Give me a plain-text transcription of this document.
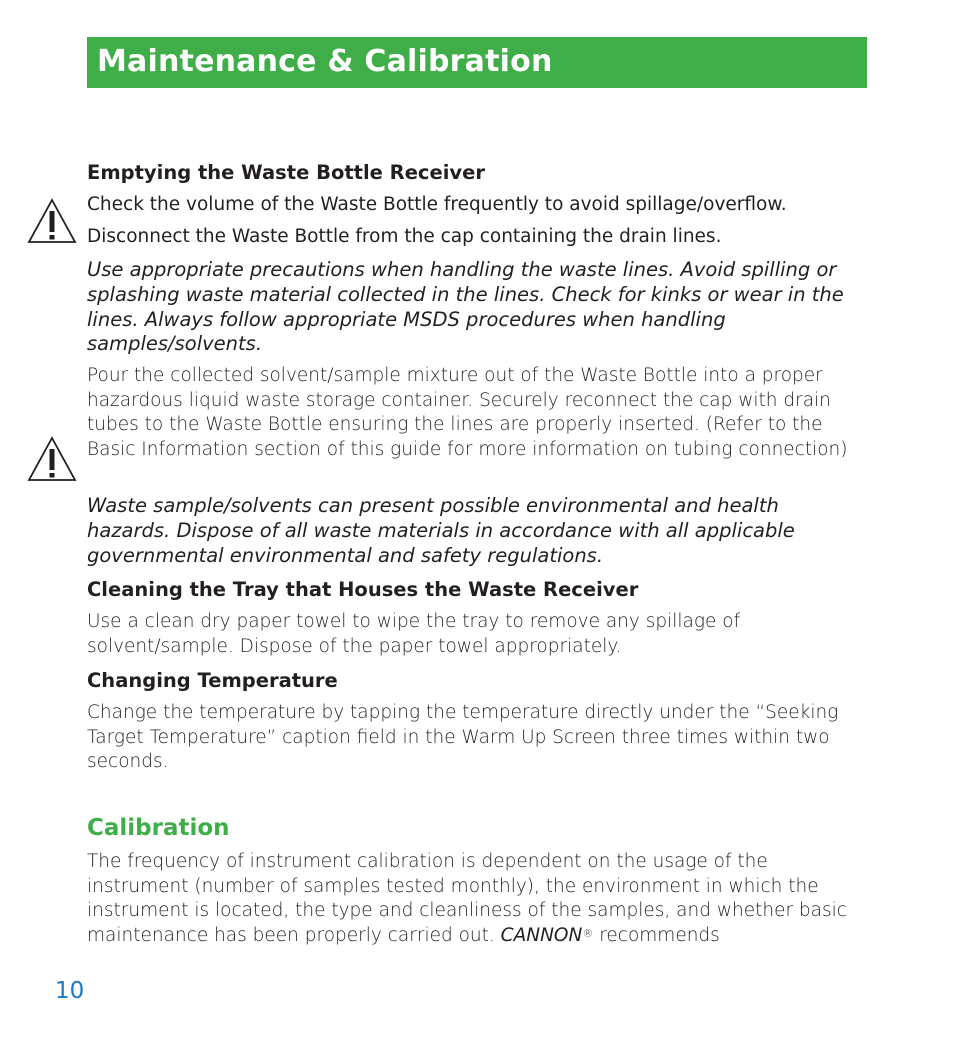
Maintenance & Calibration
Emptying the Waste Bottle Receiver

Check the volume of the Waste Bottle frequently to avoid spillage/overflow.

Disconnect the Waste Bottle from the cap containing the drain lines.

Use appropriate precautions when handling the waste lines. Avoid spilling or splashing waste material collected in the lines. Check for kinks or wear in the lines. Always follow appropriate MSDS procedures when handling samples/solvents.

Pour the collected solvent/sample mixture out of the Waste Bottle into a proper hazardous liquid waste storage container. Securely reconnect the cap with drain tubes to the Waste Bottle ensuring the lines are properly inserted. (Refer to the Basic Information section of this guide for more information on tubing connection)

Waste sample/solvents can present possible environmental and health hazards. Dispose of all waste materials in accordance with all applicable governmental environmental and safety regulations.

Cleaning the Tray that Houses the Waste Receiver

Use a clean dry paper towel to wipe the tray to remove any spillage of solvent/sample. Dispose of the paper towel appropriately.

Changing Temperature

Change the temperature by tapping the temperature directly under the “Seeking Target Temperature” caption field in the Warm Up Screen three times within two seconds.

Calibration

The frequency of instrument calibration is dependent on the usage of the instrument (number of samples tested monthly), the environment in which the instrument is located, the type and cleanliness of the samples, and whether basic maintenance has been properly carried out. CANNON® recommends

10
